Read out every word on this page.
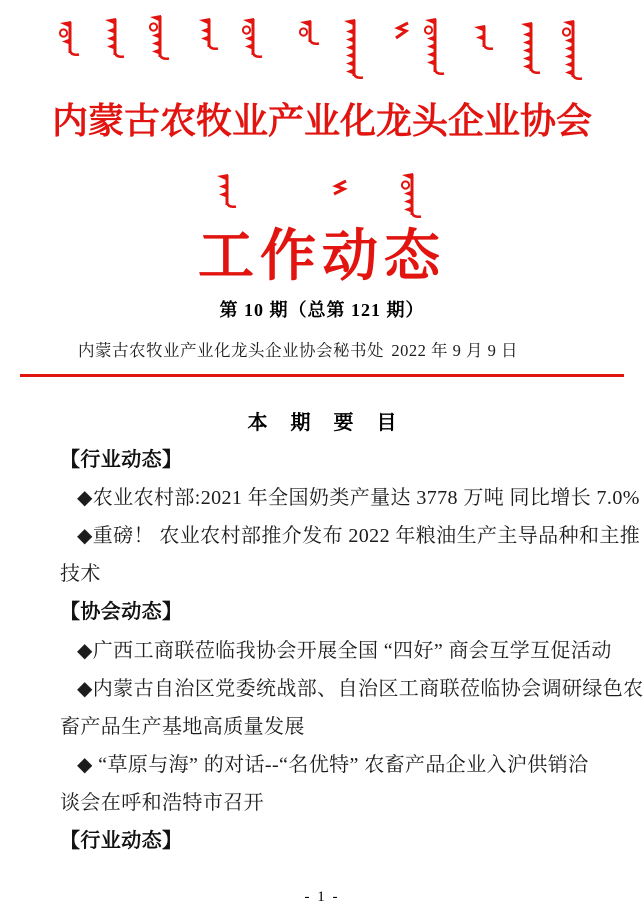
内蒙古农牧业产业化龙头企业协会
工作动态
第 10 期（总第 121 期）
内蒙古农牧业产业化龙头企业协会秘书处 2022 年 9 月 9 日
本 期 要 目
【行业动态】
◆农业农村部:2021 年全国奶类产量达 3778 万吨 同比增长 7.0%
◆重磅！ 农业农村部推介发布 2022 年粮油生产主导品种和主推
技术
【协会动态】
◆广西工商联莅临我协会开展全国 “四好” 商会互学互促活动
◆内蒙古自治区党委统战部、自治区工商联莅临协会调研绿色农
畜产品生产基地高质量发展
◆ “草原与海” 的对话--“名优特” 农畜产品企业入沪供销洽
谈会在呼和浩特市召开
【行业动态】
- 1 -
